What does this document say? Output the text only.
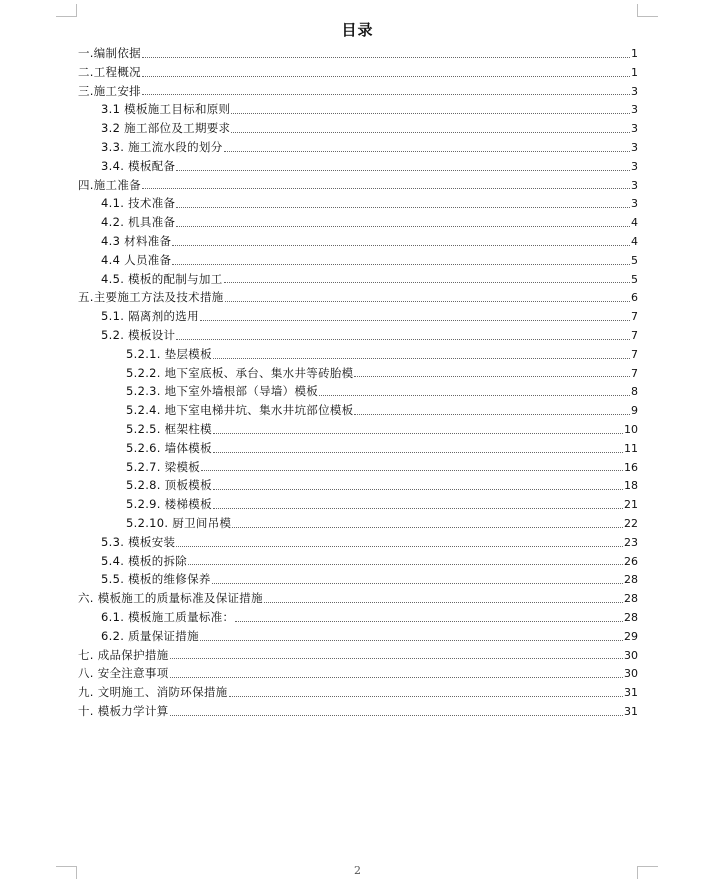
目录
一.编制依据	1
二.工程概况	1
三.施工安排	3
3.1 模板施工目标和原则	3
3.2 施工部位及工期要求	3
3.3. 施工流水段的划分	3
3.4. 模板配备	3
四.施工准备	3
4.1. 技术准备	3
4.2. 机具准备	4
4.3 材料准备	4
4.4 人员准备	5
4.5. 模板的配制与加工	5
五.主要施工方法及技术措施	6
5.1. 隔离剂的选用	7
5.2. 模板设计	7
5.2.1. 垫层模板	7
5.2.2. 地下室底板、承台、集水井等砖胎模	7
5.2.3. 地下室外墙根部（导墙）模板	8
5.2.4. 地下室电梯井坑、集水井坑部位模板	9
5.2.5. 框架柱模	10
5.2.6. 墙体模板	11
5.2.7. 梁模板	16
5.2.8. 顶板模板	18
5.2.9. 楼梯模板	21
5.2.10. 厨卫间吊模	22
5.3. 模板安装	23
5.4. 模板的拆除	26
5.5. 模板的维修保养	28
六. 模板施工的质量标准及保证措施	28
6.1. 模板施工质量标准：	28
6.2. 质量保证措施	29
七. 成品保护措施	30
八. 安全注意事项	30
九. 文明施工、消防环保措施	31
十. 模板力学计算	31
2
